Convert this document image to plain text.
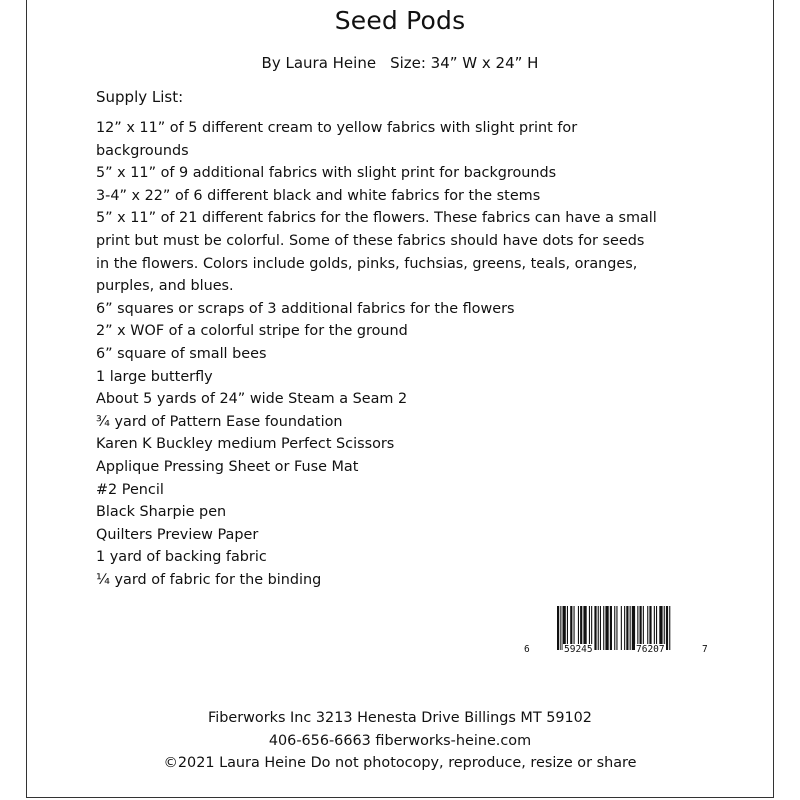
Seed Pods
By Laura Heine Size: 34” W x 24” H
Supply List:
12” x 11” of 5 different cream to yellow fabrics with slight print for
backgrounds
5” x 11” of 9 additional fabrics with slight print for backgrounds
3-4” x 22” of 6 different black and white fabrics for the stems
5” x 11” of 21 different fabrics for the flowers. These fabrics can have a small
print but must be colorful. Some of these fabrics should have dots for seeds
in the flowers. Colors include golds, pinks, fuchsias, greens, teals, oranges,
purples, and blues.
6” squares or scraps of 3 additional fabrics for the flowers
2” x WOF of a colorful stripe for the ground
6” square of small bees
1 large butterfly
About 5 yards of 24” wide Steam a Seam 2
¾ yard of Pattern Ease foundation
Karen K Buckley medium Perfect Scissors
Applique Pressing Sheet or Fuse Mat
#2 Pencil
Black Sharpie pen
Quilters Preview Paper
1 yard of backing fabric
¼ yard of fabric for the binding
6	59245	76207	7
Fiberworks Inc 3213 Henesta Drive Billings MT 59102
406-656-6663 fiberworks-heine.com
©2021 Laura Heine Do not photocopy, reproduce, resize or share
